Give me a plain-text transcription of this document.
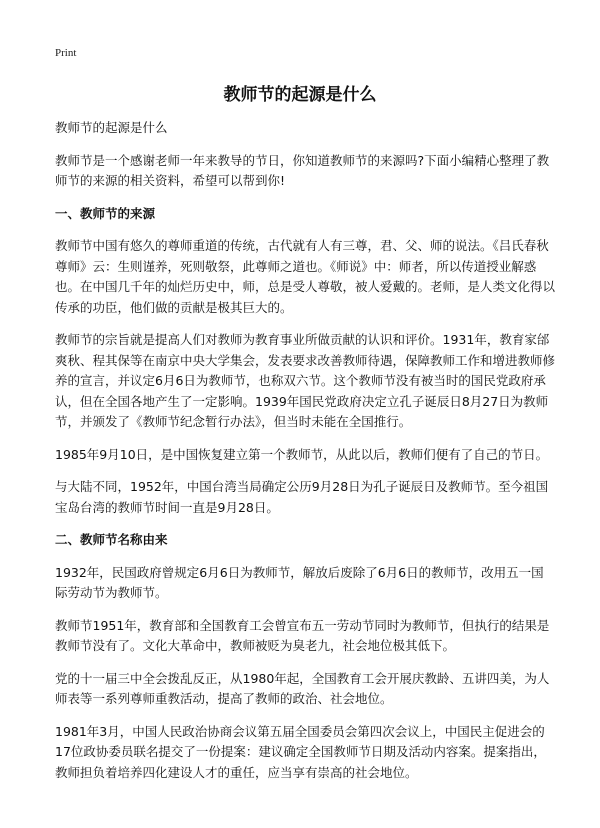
Print
教师节的起源是什么

教师节的起源是什么

教师节是一个感谢老师一年来教导的节日，你知道教师节的来源吗?下面小编精心整理了教师节的来源的相关资料，希望可以帮到你!

一、教师节的来源

教师节中国有悠久的尊师重道的传统，古代就有人有三尊，君、父、师的说法。《吕氏春秋尊师》云：生则谨养，死则敬祭，此尊师之道也。《师说》中：师者，所以传道授业解惑也。在中国几千年的灿烂历史中，师，总是受人尊敬，被人爱戴的。老师，是人类文化得以传承的功臣，他们做的贡献是极其巨大的。

教师节的宗旨就是提高人们对教师为教育事业所做贡献的认识和评价。1931年，教育家邰爽秋、程其保等在南京中央大学集会，发表要求改善教师待遇，保障教师工作和增进教师修养的宣言，并议定6月6日为教师节，也称双六节。这个教师节没有被当时的国民党政府承认，但在全国各地产生了一定影响。1939年国民党政府决定立孔子诞辰日8月27日为教师节，并颁发了《教师节纪念暂行办法》，但当时未能在全国推行。

1985年9月10日，是中国恢复建立第一个教师节，从此以后，教师们便有了自己的节日。

与大陆不同，1952年，中国台湾当局确定公历9月28日为孔子诞辰日及教师节。至今祖国宝岛台湾的教师节时间一直是9月28日。

二、教师节名称由来

1932年，民国政府曾规定6月6日为教师节，解放后废除了6月6日的教师节，改用五一国际劳动节为教师节。

教师节1951年，教育部和全国教育工会曾宣布五一劳动节同时为教师节，但执行的结果是教师节没有了。文化大革命中，教师被贬为臭老九，社会地位极其低下。

党的十一届三中全会拨乱反正，从1980年起，全国教育工会开展庆教龄、五讲四美，为人师表等一系列尊师重教活动，提高了教师的政治、社会地位。

1981年3月，中国人民政治协商会议第五届全国委员会第四次会议上，中国民主促进会的17位政协委员联名提交了一份提案：建议确定全国教师节日期及活动内容案。提案指出，教师担负着培养四化建设人才的重任，应当享有崇高的社会地位。
